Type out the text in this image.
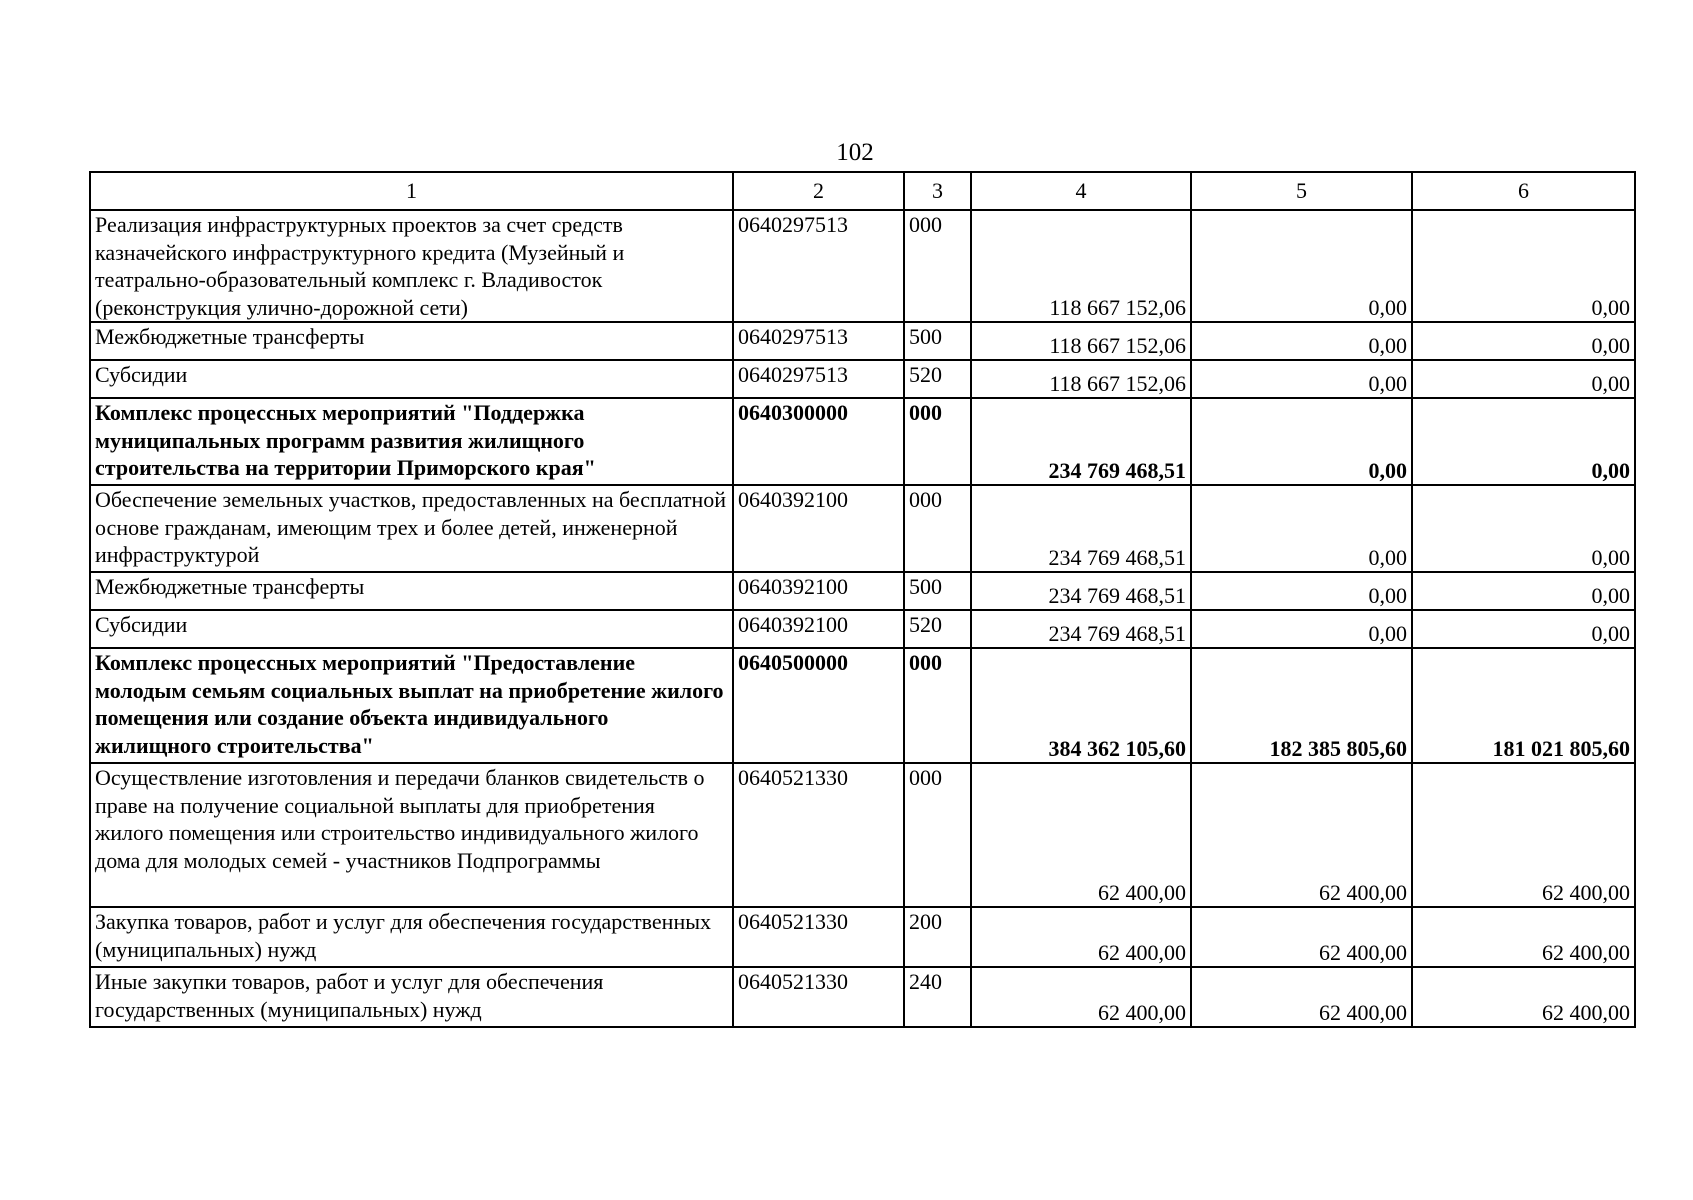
102
1	2	3	4	5	6
Реализация инфраструктурных проектов за счет средств казначейского инфраструктурного кредита (Музейный и театрально-образовательный комплекс г. Владивосток (реконструкция улично-дорожной сети)	0640297513	000	118 667 152,06	0,00	0,00
Межбюджетные трансферты	0640297513	500	118 667 152,06	0,00	0,00
Субсидии	0640297513	520	118 667 152,06	0,00	0,00
Комплекс процессных мероприятий "Поддержка муниципальных программ развития жилищного строительства на территории Приморского края"	0640300000	000	234 769 468,51	0,00	0,00
Обеспечение земельных участков, предоставленных на бесплатной основе гражданам, имеющим трех и более детей, инженерной инфраструктурой	0640392100	000	234 769 468,51	0,00	0,00
Межбюджетные трансферты	0640392100	500	234 769 468,51	0,00	0,00
Субсидии	0640392100	520	234 769 468,51	0,00	0,00
Комплекс процессных мероприятий "Предоставление молодым семьям социальных выплат на приобретение жилого помещения или создание объекта индивидуального жилищного строительства"	0640500000	000	384 362 105,60	182 385 805,60	181 021 805,60
Осуществление изготовления и передачи бланков свидетельств о праве на получение социальной выплаты для приобретения жилого помещения или строительство индивидуального жилого дома для молодых семей - участников Подпрограммы	0640521330	000	62 400,00	62 400,00	62 400,00
Закупка товаров, работ и услуг для обеспечения государственных (муниципальных) нужд	0640521330	200	62 400,00	62 400,00	62 400,00
Иные закупки товаров, работ и услуг для обеспечения государственных (муниципальных) нужд	0640521330	240	62 400,00	62 400,00	62 400,00
